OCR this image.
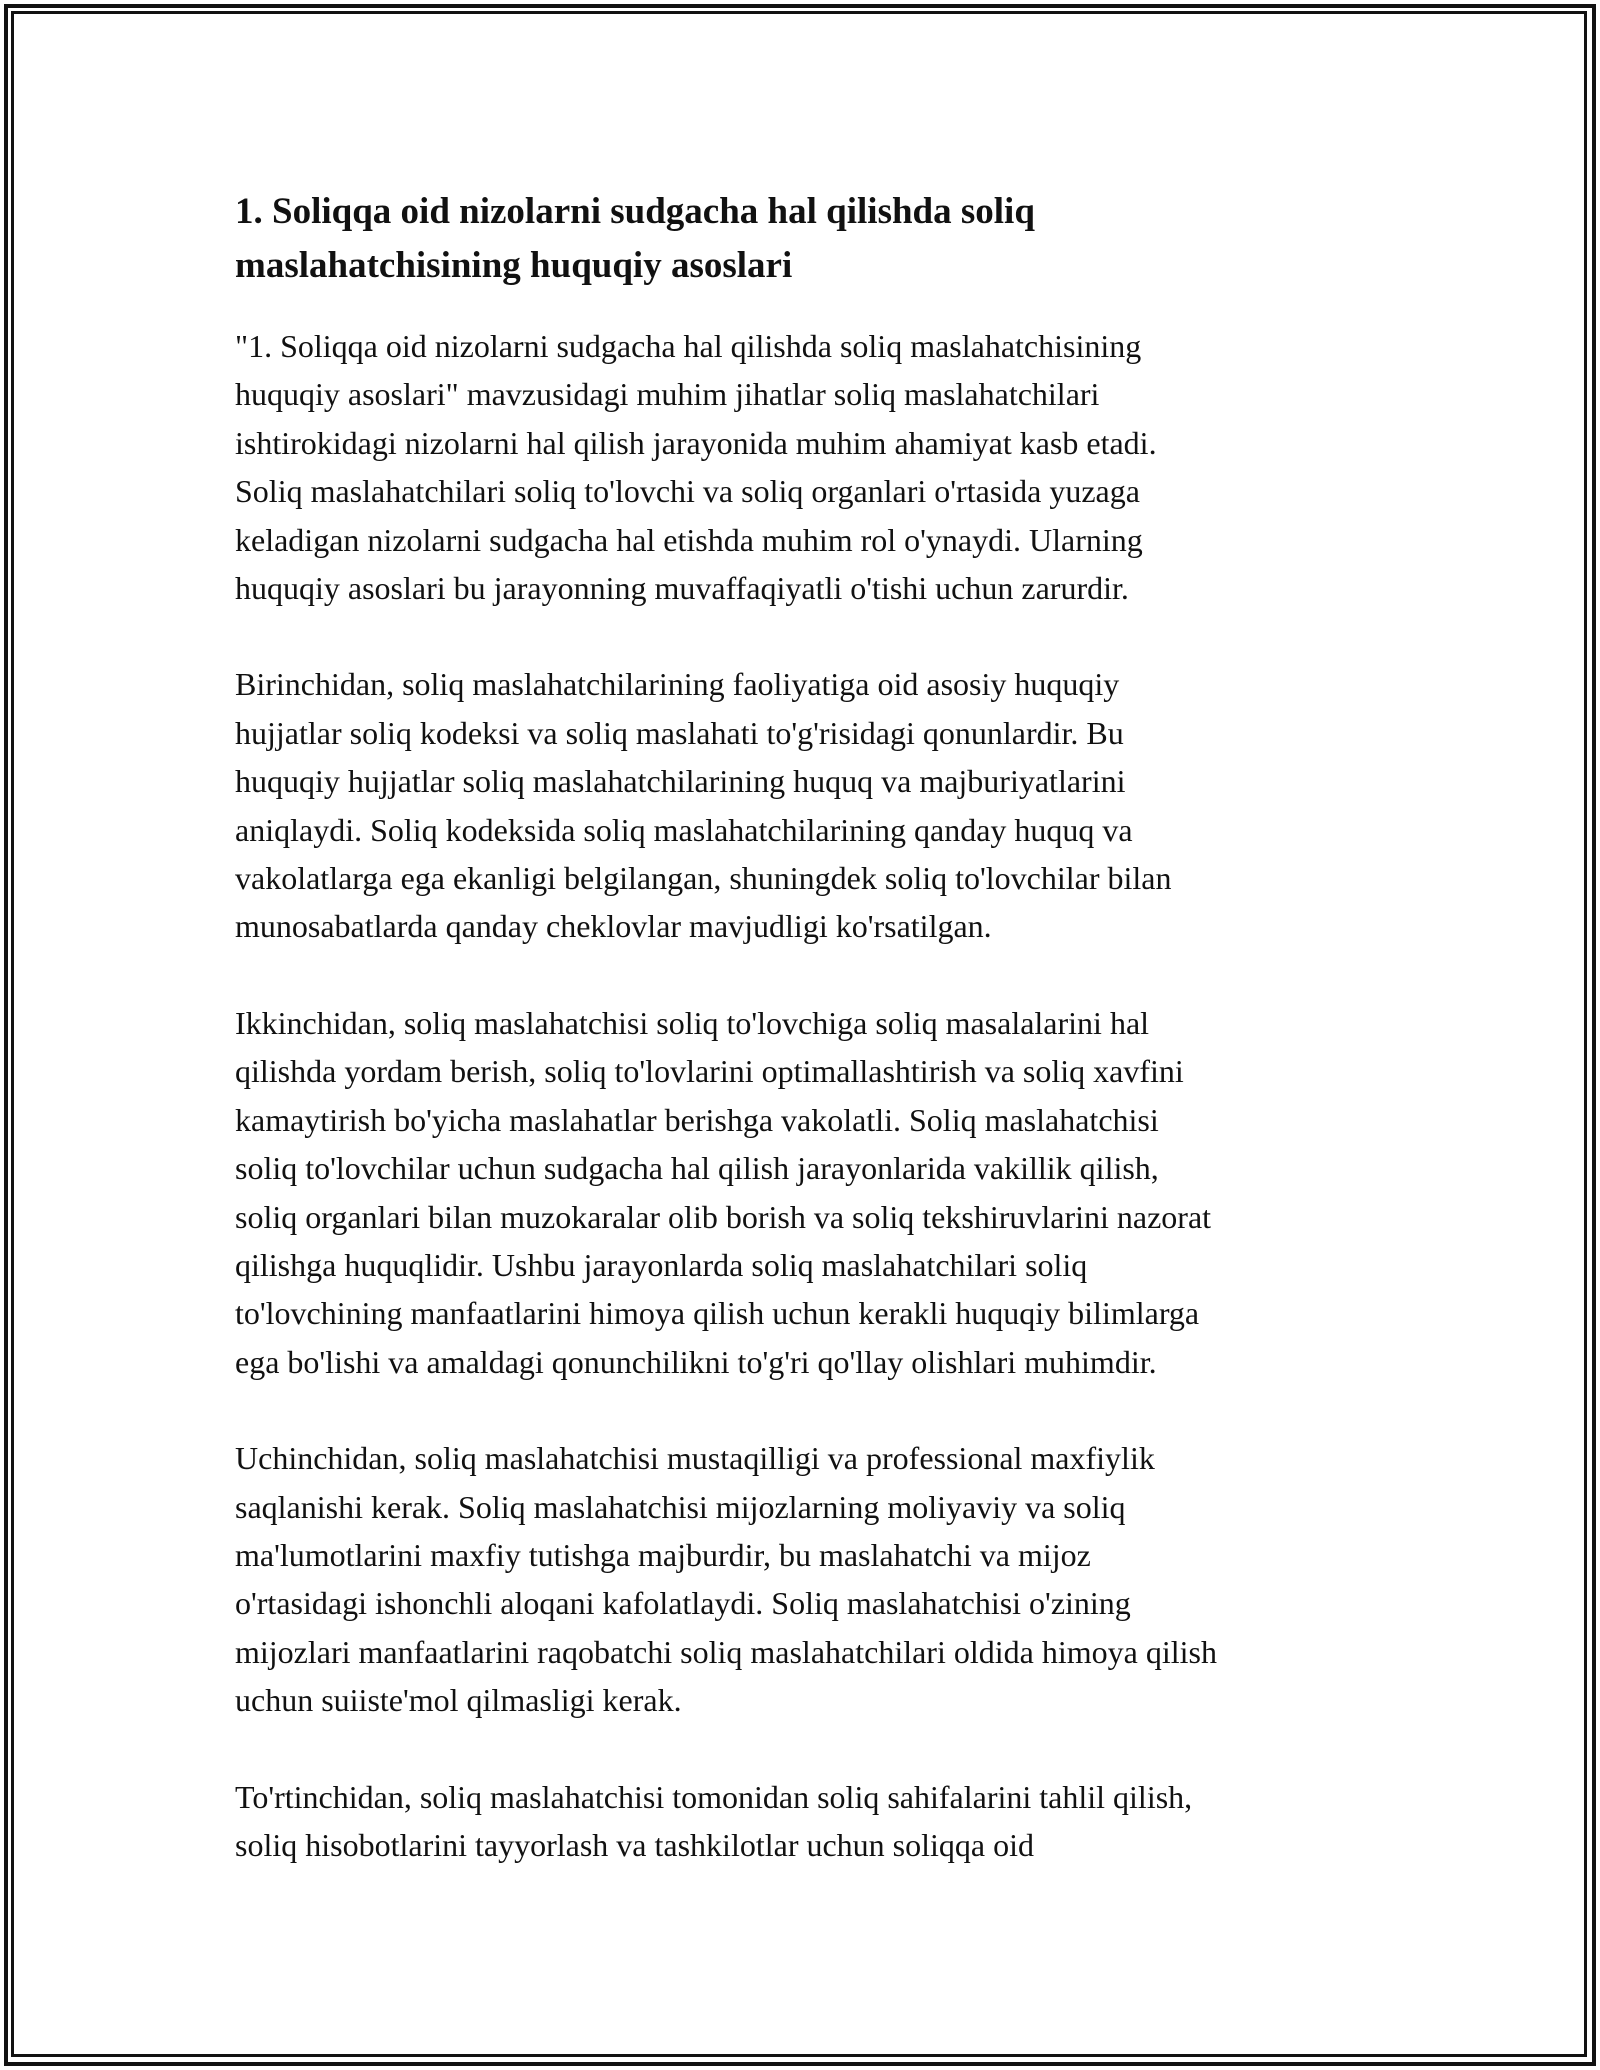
1. Soliqqa oid nizolarni sudgacha hal qilishda soliq
maslahatchisining huquqiy asoslari

"1. Soliqqa oid nizolarni sudgacha hal qilishda soliq maslahatchisining
huquqiy asoslari" mavzusidagi muhim jihatlar soliq maslahatchilari
ishtirokidagi nizolarni hal qilish jarayonida muhim ahamiyat kasb etadi.
Soliq maslahatchilari soliq to'lovchi va soliq organlari o'rtasida yuzaga
keladigan nizolarni sudgacha hal etishda muhim rol o'ynaydi. Ularning
huquqiy asoslari bu jarayonning muvaffaqiyatli o'tishi uchun zarurdir.

Birinchidan, soliq maslahatchilarining faoliyatiga oid asosiy huquqiy
hujjatlar soliq kodeksi va soliq maslahati to'g'risidagi qonunlardir. Bu
huquqiy hujjatlar soliq maslahatchilarining huquq va majburiyatlarini
aniqlaydi. Soliq kodeksida soliq maslahatchilarining qanday huquq va
vakolatlarga ega ekanligi belgilangan, shuningdek soliq to'lovchilar bilan
munosabatlarda qanday cheklovlar mavjudligi ko'rsatilgan.

Ikkinchidan, soliq maslahatchisi soliq to'lovchiga soliq masalalarini hal
qilishda yordam berish, soliq to'lovlarini optimallashtirish va soliq xavfini
kamaytirish bo'yicha maslahatlar berishga vakolatli. Soliq maslahatchisi
soliq to'lovchilar uchun sudgacha hal qilish jarayonlarida vakillik qilish,
soliq organlari bilan muzokaralar olib borish va soliq tekshiruvlarini nazorat
qilishga huquqlidir. Ushbu jarayonlarda soliq maslahatchilari soliq
to'lovchining manfaatlarini himoya qilish uchun kerakli huquqiy bilimlarga
ega bo'lishi va amaldagi qonunchilikni to'g'ri qo'llay olishlari muhimdir.

Uchinchidan, soliq maslahatchisi mustaqilligi va professional maxfiylik
saqlanishi kerak. Soliq maslahatchisi mijozlarning moliyaviy va soliq
ma'lumotlarini maxfiy tutishga majburdir, bu maslahatchi va mijoz
o'rtasidagi ishonchli aloqani kafolatlaydi. Soliq maslahatchisi o'zining
mijozlari manfaatlarini raqobatchi soliq maslahatchilari oldida himoya qilish
uchun suiiste'mol qilmasligi kerak.

To'rtinchidan, soliq maslahatchisi tomonidan soliq sahifalarini tahlil qilish,
soliq hisobotlarini tayyorlash va tashkilotlar uchun soliqqa oid
